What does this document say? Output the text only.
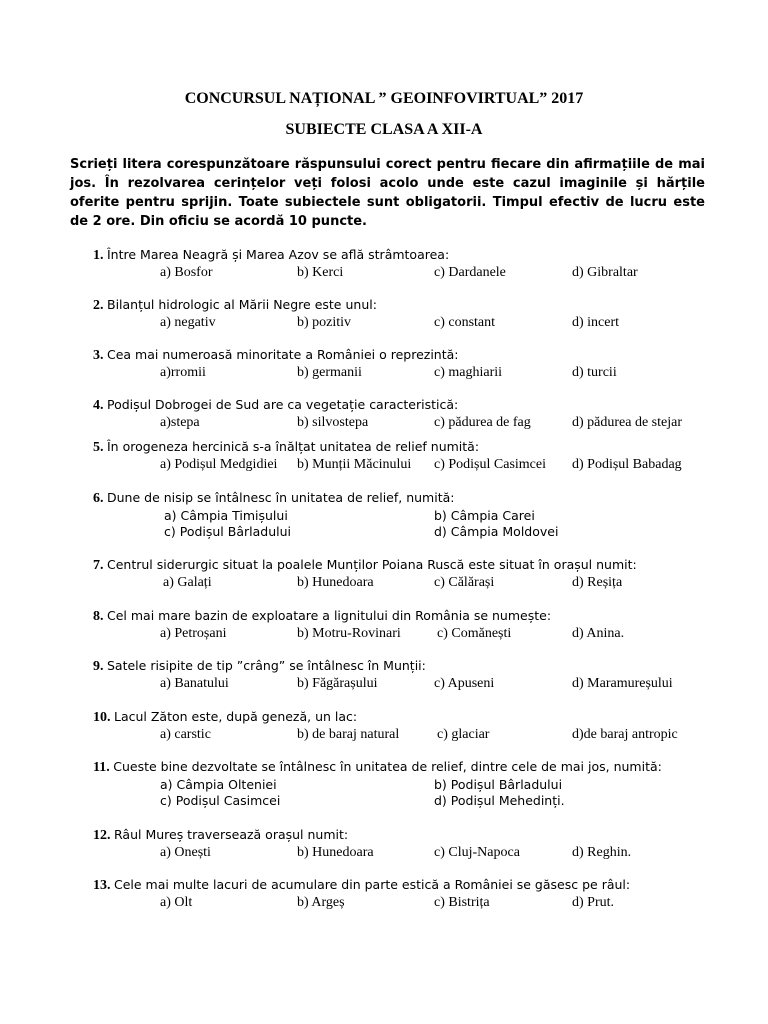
CONCURSUL NAȚIONAL ” GEOINFOVIRTUAL” 2017
SUBIECTE CLASA A XII-A
Scrieți litera corespunzătoare răspunsului corect pentru fiecare din afirmațiile de mai jos. În rezolvarea cerințelor veți folosi acolo unde este cazul imaginile și hărțile oferite pentru sprijin. Toate subiectele sunt obligatorii. Timpul efectiv de lucru este de 2 ore. Din oficiu se acordă 10 puncte.
1. Între Marea Neagră și Marea Azov se află strâmtoarea:
a) Bosfor	b) Kerci	c) Dardanele	d) Gibraltar
2. Bilanțul hidrologic al Mării Negre este unul:
a) negativ	b) pozitiv	c) constant	d) incert
3. Cea mai numeroasă minoritate a României o reprezintă:
a)rromii	b) germanii	c) maghiarii	d) turcii
4. Podișul Dobrogei de Sud are ca vegetație caracteristică:
a)stepa	b) silvostepa	c) pădurea de fag	d) pădurea de stejar
5. În orogeneza hercinică s-a înălțat unitatea de relief numită:
a) Podișul Medgidiei b) Munții Măcinului c) Podișul Casimcei d) Podișul Babadag
6. Dune de nisip se întâlnesc în unitatea de relief, numită:
a) Câmpia Timișului	b) Câmpia Carei
c) Podișul Bârladului	d) Câmpia Moldovei
7. Centrul siderurgic situat la poalele Munților Poiana Ruscă este situat în orașul numit:
a) Galați	b) Hunedoara	c) Călărași	d) Reșița
8. Cel mai mare bazin de exploatare a lignitului din România se numește:
a) Petroșani	b) Motru-Rovinari	c) Comănești	d) Anina.
9. Satele risipite de tip ”crâng” se întâlnesc în Munții:
a) Banatului	b) Făgărașului	c) Apuseni	d) Maramureșului
10. Lacul Zăton este, după geneză, un lac:
a) carstic	b) de baraj natural	c) glaciar	d)de baraj antropic
11. Cueste bine dezvoltate se întâlnesc în unitatea de relief, dintre cele de mai jos, numită:
a) Câmpia Olteniei	b) Podișul Bârladului
c) Podișul Casimcei	d) Podișul Mehedinți.
12. Râul Mureș traversează orașul numit:
a) Onești	b) Hunedoara	c) Cluj-Napoca	d) Reghin.
13. Cele mai multe lacuri de acumulare din parte estică a României se găsesc pe râul:
a) Olt	b) Argeș	c) Bistrița	d) Prut.
